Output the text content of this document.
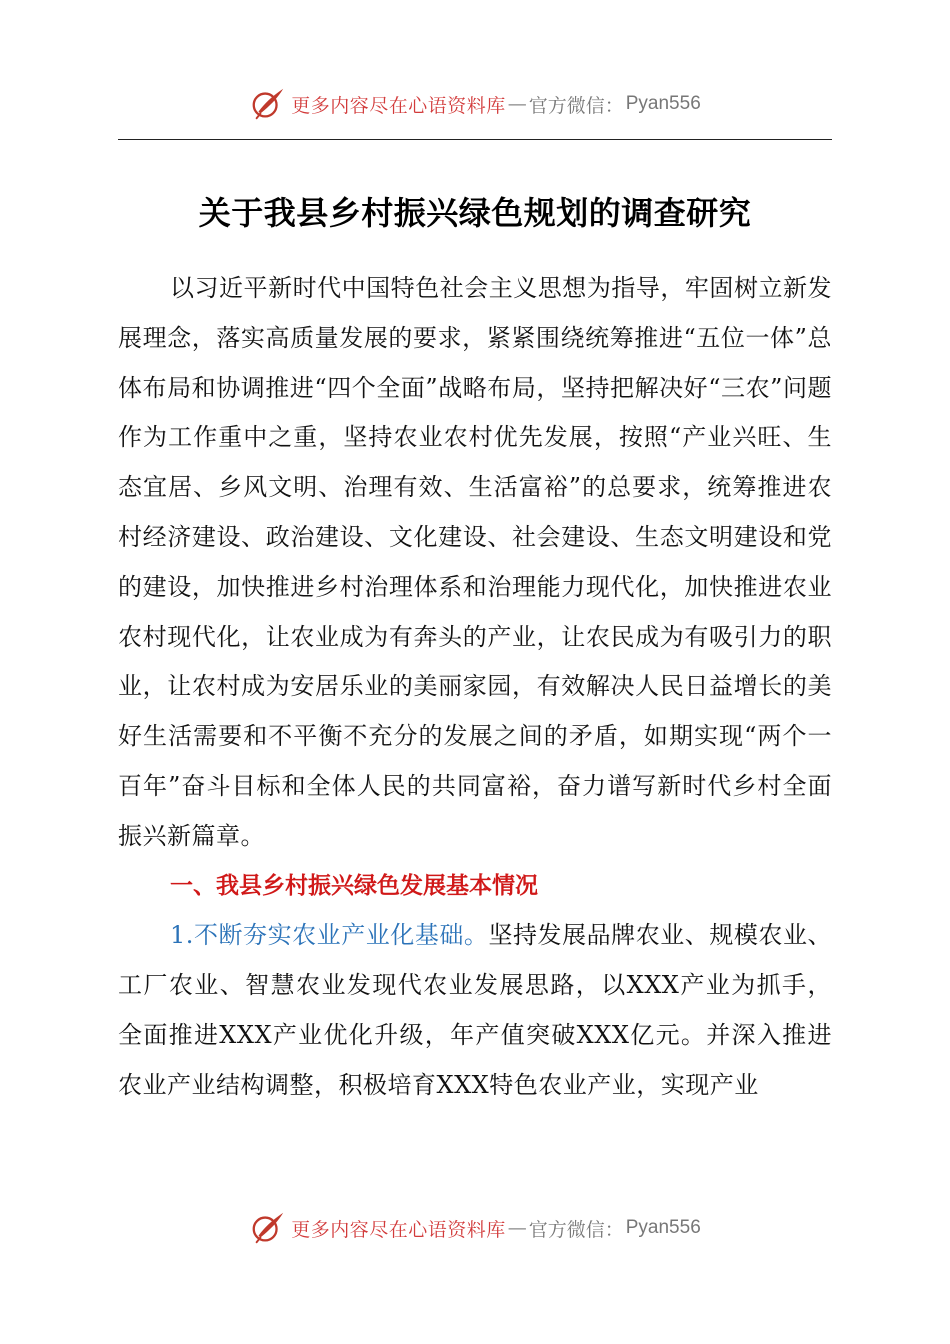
更多内容尽在心语资料库 — 官方微信： Pyan556
关于我县乡村振兴绿色规划的调查研究

以习近平新时代中国特色社会主义思想为指导，牢固树立新发展理念，落实高质量发展的要求，紧紧围绕统筹推进“五位一体”总体布局和协调推进“四个全面”战略布局，坚持把解决好“三农”问题作为工作重中之重，坚持农业农村优先发展，按照“产业兴旺、生态宜居、乡风文明、治理有效、生活富裕”的总要求，统筹推进农村经济建设、政治建设、文化建设、社会建设、生态文明建设和党的建设，加快推进乡村治理体系和治理能力现代化，加快推进农业农村现代化，让农业成为有奔头的产业，让农民成为有吸引力的职业，让农村成为安居乐业的美丽家园，有效解决人民日益增长的美好生活需要和不平衡不充分的发展之间的矛盾，如期实现“两个一百年”奋斗目标和全体人民的共同富裕，奋力谱写新时代乡村全面振兴新篇章。

一、我县乡村振兴绿色发展基本情况

1.不断夯实农业产业化基础。坚持发展品牌农业、规模农业、工厂农业、智慧农业发现代农业发展思路，以XXX产业为抓手，全面推进XXX产业优化升级，年产值突破XXX亿元。并深入推进农业产业结构调整，积极培育XXX特色农业产业，实现产业

更多内容尽在心语资料库 — 官方微信： Pyan556
